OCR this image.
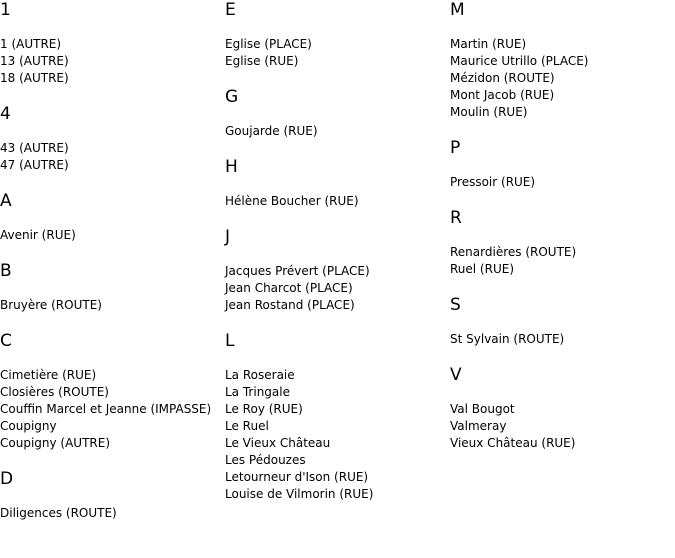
1
1 (AUTRE)
13 (AUTRE)
18 (AUTRE)
4
43 (AUTRE)
47 (AUTRE)
A
Avenir (RUE)
B
Bruyère (ROUTE)
C
Cimetière (RUE)
Closières (ROUTE)
Couffin Marcel et Jeanne (IMPASSE)
Coupigny
Coupigny (AUTRE)
D
Diligences (ROUTE)
E
Eglise (PLACE)
Eglise (RUE)
G
Goujarde (RUE)
H
Hélène Boucher (RUE)
J
Jacques Prévert (PLACE)
Jean Charcot (PLACE)
Jean Rostand (PLACE)
L
La Roseraie
La Tringale
Le Roy (RUE)
Le Ruel
Le Vieux Château
Les Pédouzes
Letourneur d'Ison (RUE)
Louise de Vilmorin (RUE)
M
Martin (RUE)
Maurice Utrillo (PLACE)
Mézidon (ROUTE)
Mont Jacob (RUE)
Moulin (RUE)
P
Pressoir (RUE)
R
Renardières (ROUTE)
Ruel (RUE)
S
St Sylvain (ROUTE)
V
Val Bougot
Valmeray
Vieux Château (RUE)
